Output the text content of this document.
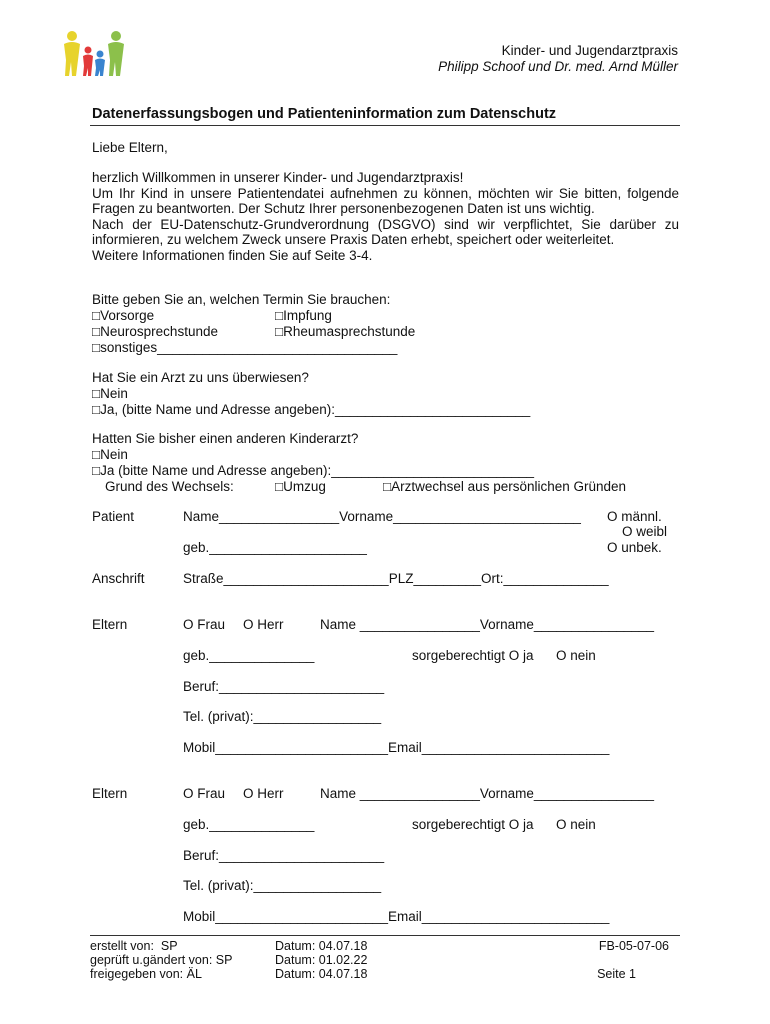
Kinder- und Jugendarztpraxis
Philipp Schoof und Dr. med. Arnd Müller
Datenerfassungsbogen und Patienteninformation zum Datenschutz
Liebe Eltern,

herzlich Willkommen in unserer Kinder- und Jugendarztpraxis!

Um Ihr Kind in unsere Patientendatei aufnehmen zu können, möchten wir Sie bitten, folgende Fragen zu beantworten. Der Schutz Ihrer personenbezogenen Daten ist uns wichtig.

Nach der EU-Datenschutz-Grundverordnung (DSGVO) sind wir verpflichtet, Sie darüber zu informieren, zu welchem Zweck unsere Praxis Daten erhebt, speichert oder weiterleitet.

Weitere Informationen finden Sie auf Seite 3-4.

Bitte geben Sie an, welchen Termin Sie brauchen:
□Vorsorge	□Impfung
□Neurosprechstunde	□Rheumasprechstunde
□sonstiges________________________________
Hat Sie ein Arzt zu uns überwiesen?
□Nein
□Ja, (bitte Name und Adresse angeben):__________________________
Hatten Sie bisher einen anderen Kinderarzt?
□Nein
□Ja (bitte Name und Adresse angeben):___________________________
Grund des Wechsels:	□Umzug	□Arztwechsel aus persönlichen Gründen
Patient	Name________________Vorname_________________________ O männl.
O weibl
O unbek.
geb._____________________
Anschrift	Straße______________________PLZ_________Ort:______________
Eltern	O Frau O Herr	Name ________________Vorname________________
geb.______________	sorgeberechtigt O ja O nein
Beruf:______________________
Tel. (privat):_________________
Mobil_______________________Email_________________________
Eltern	O Frau O Herr	Name ________________Vorname________________
geb.______________	sorgeberechtigt O ja O nein
Beruf:______________________
Tel. (privat):_________________
Mobil_______________________Email_________________________
erstellt von:  SP
geprüft u.gändert von: SP
freigegeben von: ÄL
Datum: 04.07.18
Datum: 01.02.22
Datum: 04.07.18
FB-05-07-06
Seite 1
